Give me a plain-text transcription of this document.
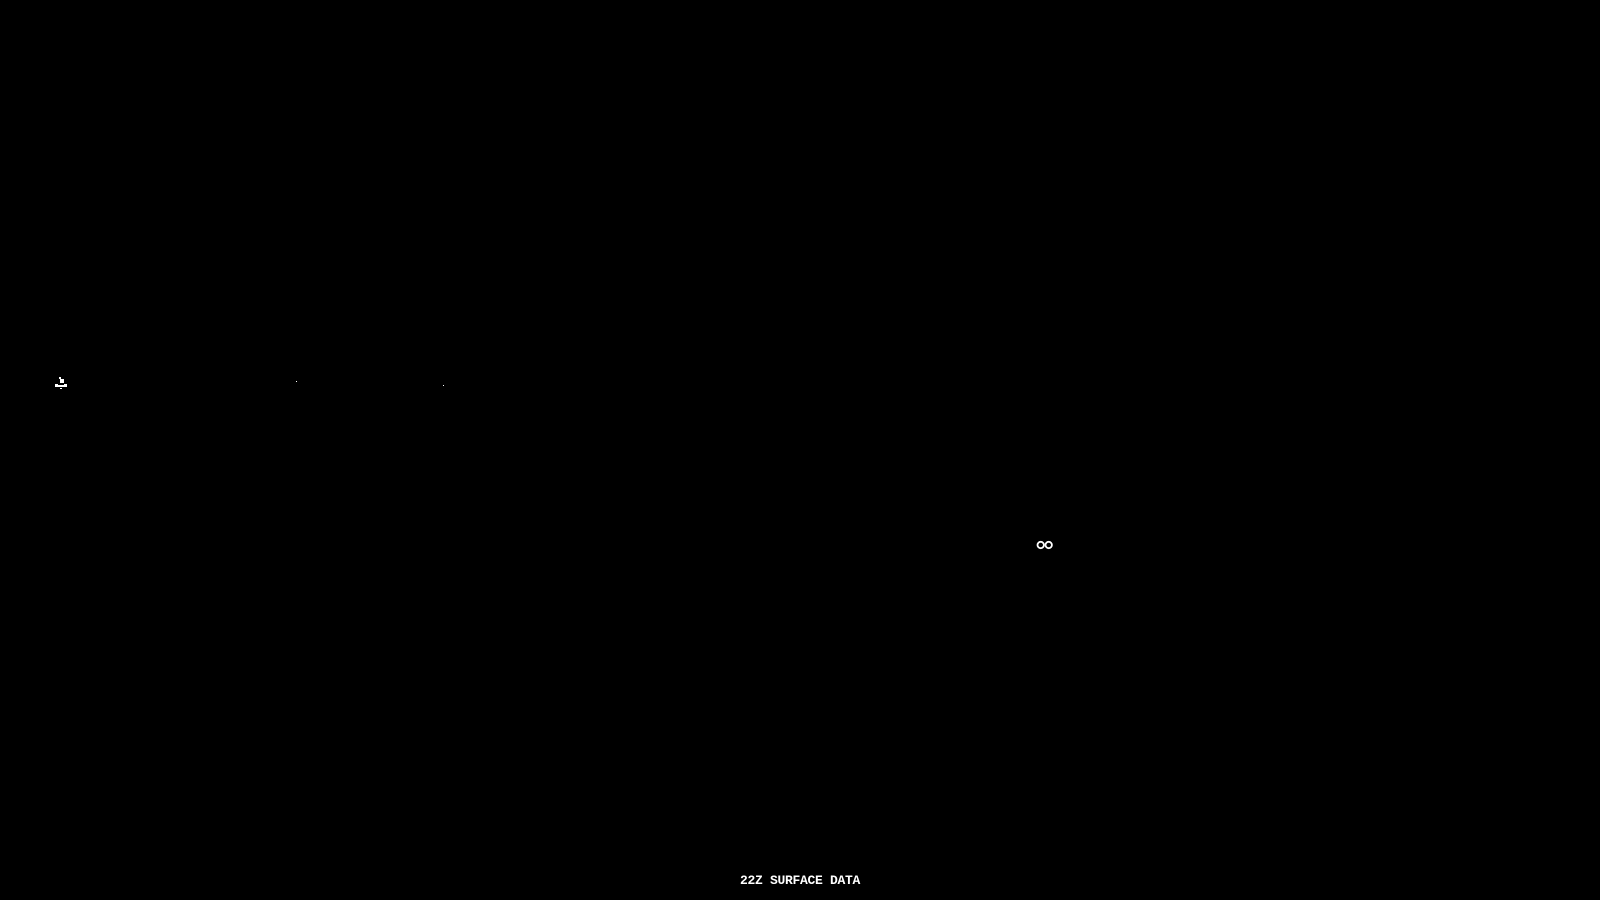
22Z SURFACE DATA
